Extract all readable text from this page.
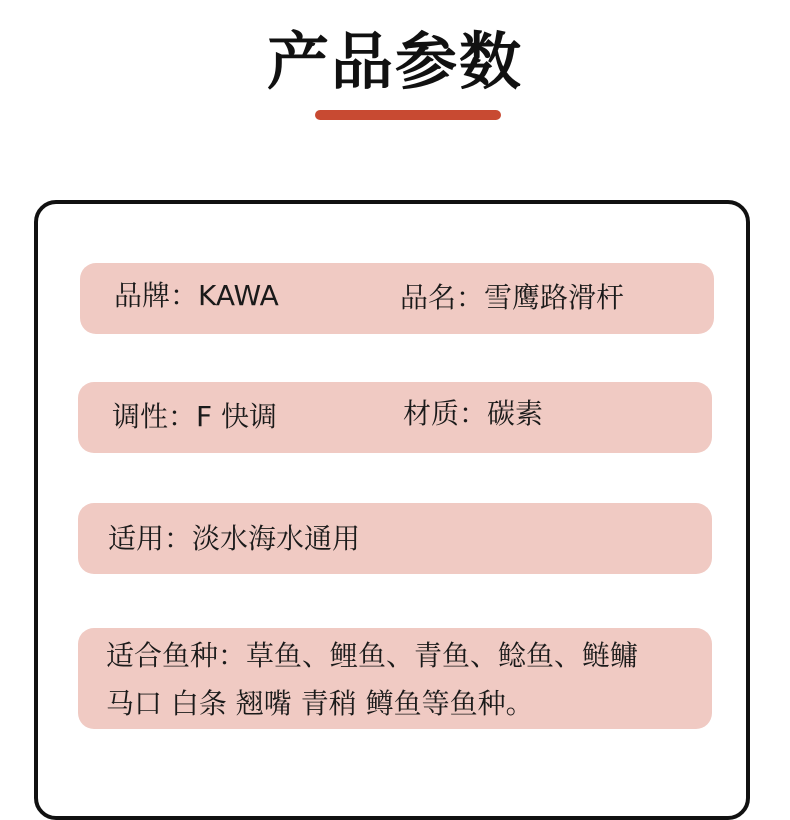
产品参数
品牌：KAWA	品名：雪鹰路滑杆
调性：F 快调	材质：碳素
适用：淡水海水通用
适合鱼种：草鱼、鲤鱼、青鱼、鲶鱼、鲢鳙
马口 白条 翘嘴 青稍 鳟鱼等鱼种。
